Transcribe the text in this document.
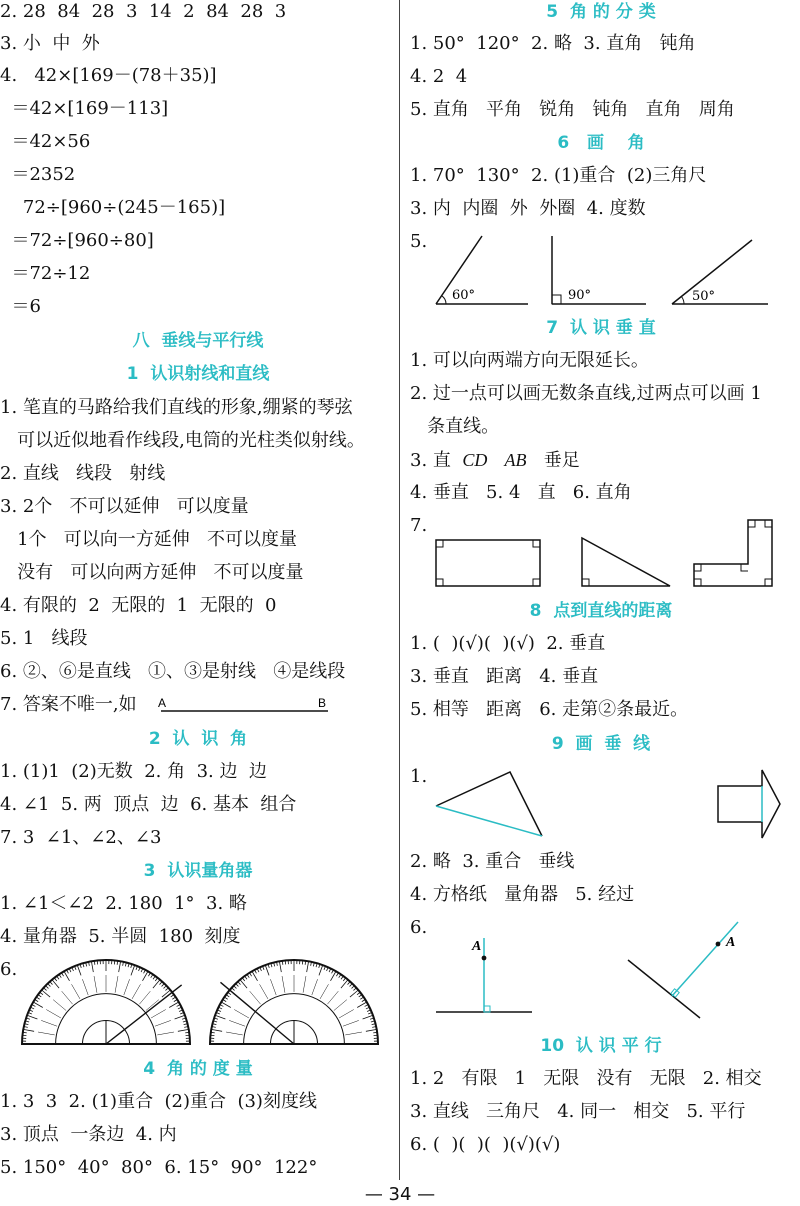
2. 28  84  28  3  14  2  84  28  3
3. 小  中  外
4.   42×[169－(78＋35)]
＝42×[169－113]
＝42×56
＝2352
72÷[960÷(245－165)]
＝72÷[960÷80]
＝72÷12
＝6
八  垂线与平行线
1  认识射线和直线
1. 笔直的马路给我们直线的形象,绷紧的琴弦
可以近似地看作线段,电筒的光柱类似射线。
2. 直线   线段   射线
3. 2个   不可以延伸   可以度量
1个   可以向一方延伸   不可以度量
没有   可以向两方延伸   不可以度量
4. 有限的  2  无限的  1  无限的  0
5. 1   线段
6. ②、⑥是直线   ①、③是射线   ④是线段
7. 答案不唯一,如 A	B
2  认  识  角
1. (1)1  (2)无数  2. 角  3. 边  边
4. ∠1  5. 两  顶点  边  6. 基本  组合
7. 3  ∠1、∠2、∠3
3  认识量角器
1. ∠1＜∠2  2. 180  1°  3. 略
4. 量角器  5. 半圆  180  刻度
6.
4  角 的 度 量
1. 3  3  2. (1)重合  (2)重合  (3)刻度线
3. 顶点  一条边  4. 内
5. 150°  40°  80°  6. 15°  90°  122°
5  角 的 分 类
1. 50°  120°  2. 略  3. 直角   钝角
4. 2  4
5. 直角   平角   锐角   钝角   直角   周角
6   画    角
1. 70°  130°  2. (1)重合  (2)三角尺
3. 内  内圈  外  外圈  4. 度数
5.
60°	90°	50°
7  认 识 垂 直
1. 可以向两端方向无限延长。
2. 过一点可以画无数条直线,过两点可以画 1
条直线。
3. 直  CD AB 垂足
4. 垂直   5. 4   直   6. 直角
7.
8  点到直线的距离
1. (  )(√)(  )(√)  2. 垂直
3. 垂直   距离   4. 垂直
5. 相等   距离   6. 走第②条最近。
9  画  垂  线
1.
2. 略  3. 重合   垂线
4. 方格纸   量角器   5. 经过
6.
A	A
10  认 识 平 行
1. 2   有限   1   无限   没有   无限   2. 相交
3. 直线   三角尺   4. 同一   相交   5. 平行
6. (  )(  )(  )(√)(√)
— 34 —
